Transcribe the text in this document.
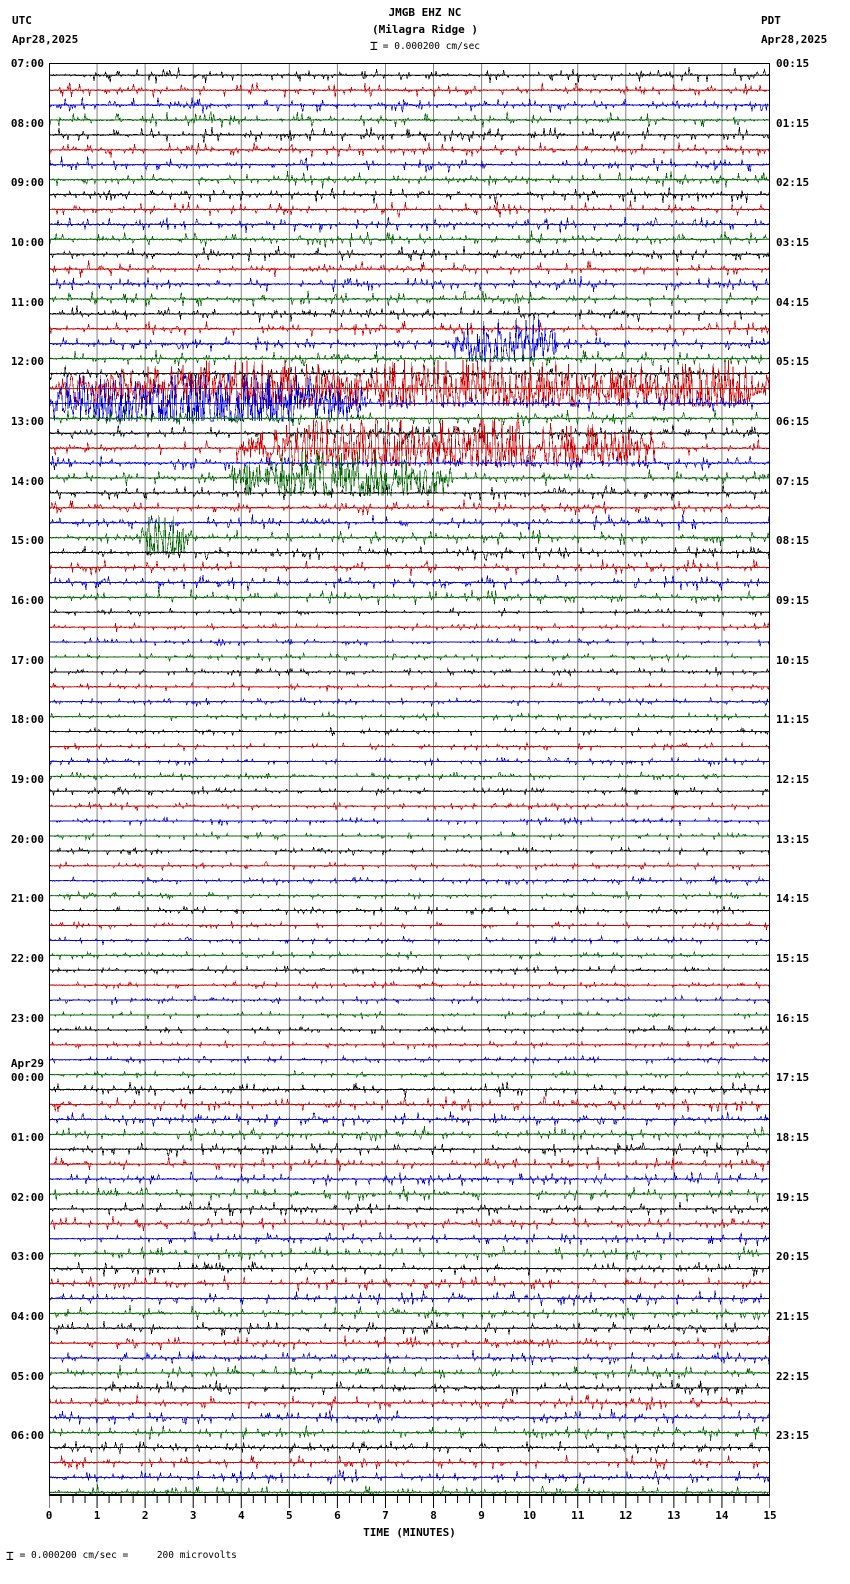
UTC
Apr28,2025
PDT
Apr28,2025
JMGB EHZ NC
(Milagra Ridge )
⌶ = 0.000200 cm/sec
07:00
08:00
09:00
10:00
11:00
12:00
13:00
14:00
15:00
16:00
17:00
18:00
19:00
20:00
21:00
22:00
23:00
00:00
01:00
02:00
03:00
04:00
05:00
06:00
Apr29
00:15
01:15
02:15
03:15
04:15
05:15
06:15
07:15
08:15
09:15
10:15
11:15
12:15
13:15
14:15
15:15
16:15
17:15
18:15
19:15
20:15
21:15
22:15
23:15
TIME (MINUTES)
0	1	2	3	4	5	6	7	8	9	10	11	12	13	14	15
⌶ = 0.000200 cm/sec =     200 microvolts
